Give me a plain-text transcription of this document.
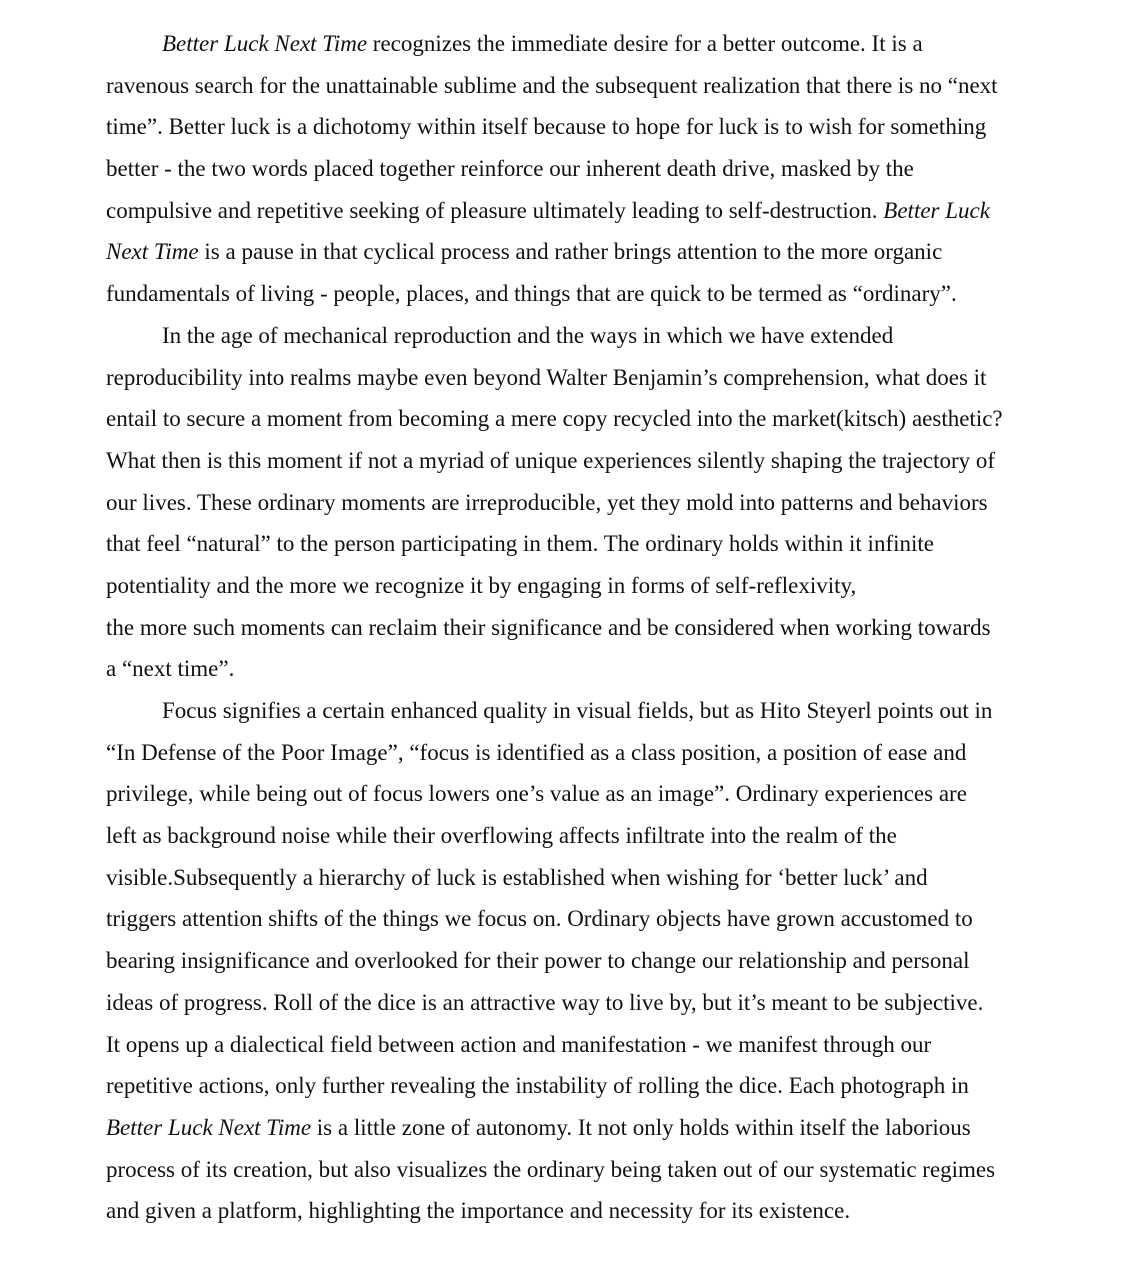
Better Luck Next Time recognizes the immediate desire for a better outcome. It is a
ravenous search for the unattainable sublime and the subsequent realization that there is no “next
time”. Better luck is a dichotomy within itself because to hope for luck is to wish for something
better - the two words placed together reinforce our inherent death drive, masked by the
compulsive and repetitive seeking of pleasure ultimately leading to self-destruction. Better Luck
Next Time is a pause in that cyclical process and rather brings attention to the more organic
fundamentals of living - people, places, and things that are quick to be termed as “ordinary”.
In the age of mechanical reproduction and the ways in which we have extended
reproducibility into realms maybe even beyond Walter Benjamin’s comprehension, what does it
entail to secure a moment from becoming a mere copy recycled into the market(kitsch) aesthetic?
What then is this moment if not a myriad of unique experiences silently shaping the trajectory of
our lives. These ordinary moments are irreproducible, yet they mold into patterns and behaviors
that feel “natural” to the person participating in them. The ordinary holds within it infinite
potentiality and the more we recognize it by engaging in forms of self-reflexivity,
the more such moments can reclaim their significance and be considered when working towards
a “next time”.
Focus signifies a certain enhanced quality in visual fields, but as Hito Steyerl points out in
“In Defense of the Poor Image”, “focus is identified as a class position, a position of ease and
privilege, while being out of focus lowers one’s value as an image”. Ordinary experiences are
left as background noise while their overflowing affects infiltrate into the realm of the
visible.Subsequently a hierarchy of luck is established when wishing for ‘better luck’ and
triggers attention shifts of the things we focus on. Ordinary objects have grown accustomed to
bearing insignificance and overlooked for their power to change our relationship and personal
ideas of progress. Roll of the dice is an attractive way to live by, but it’s meant to be subjective.
It opens up a dialectical field between action and manifestation - we manifest through our
repetitive actions, only further revealing the instability of rolling the dice. Each photograph in
Better Luck Next Time is a little zone of autonomy. It not only holds within itself the laborious
process of its creation, but also visualizes the ordinary being taken out of our systematic regimes
and given a platform, highlighting the importance and necessity for its existence.
